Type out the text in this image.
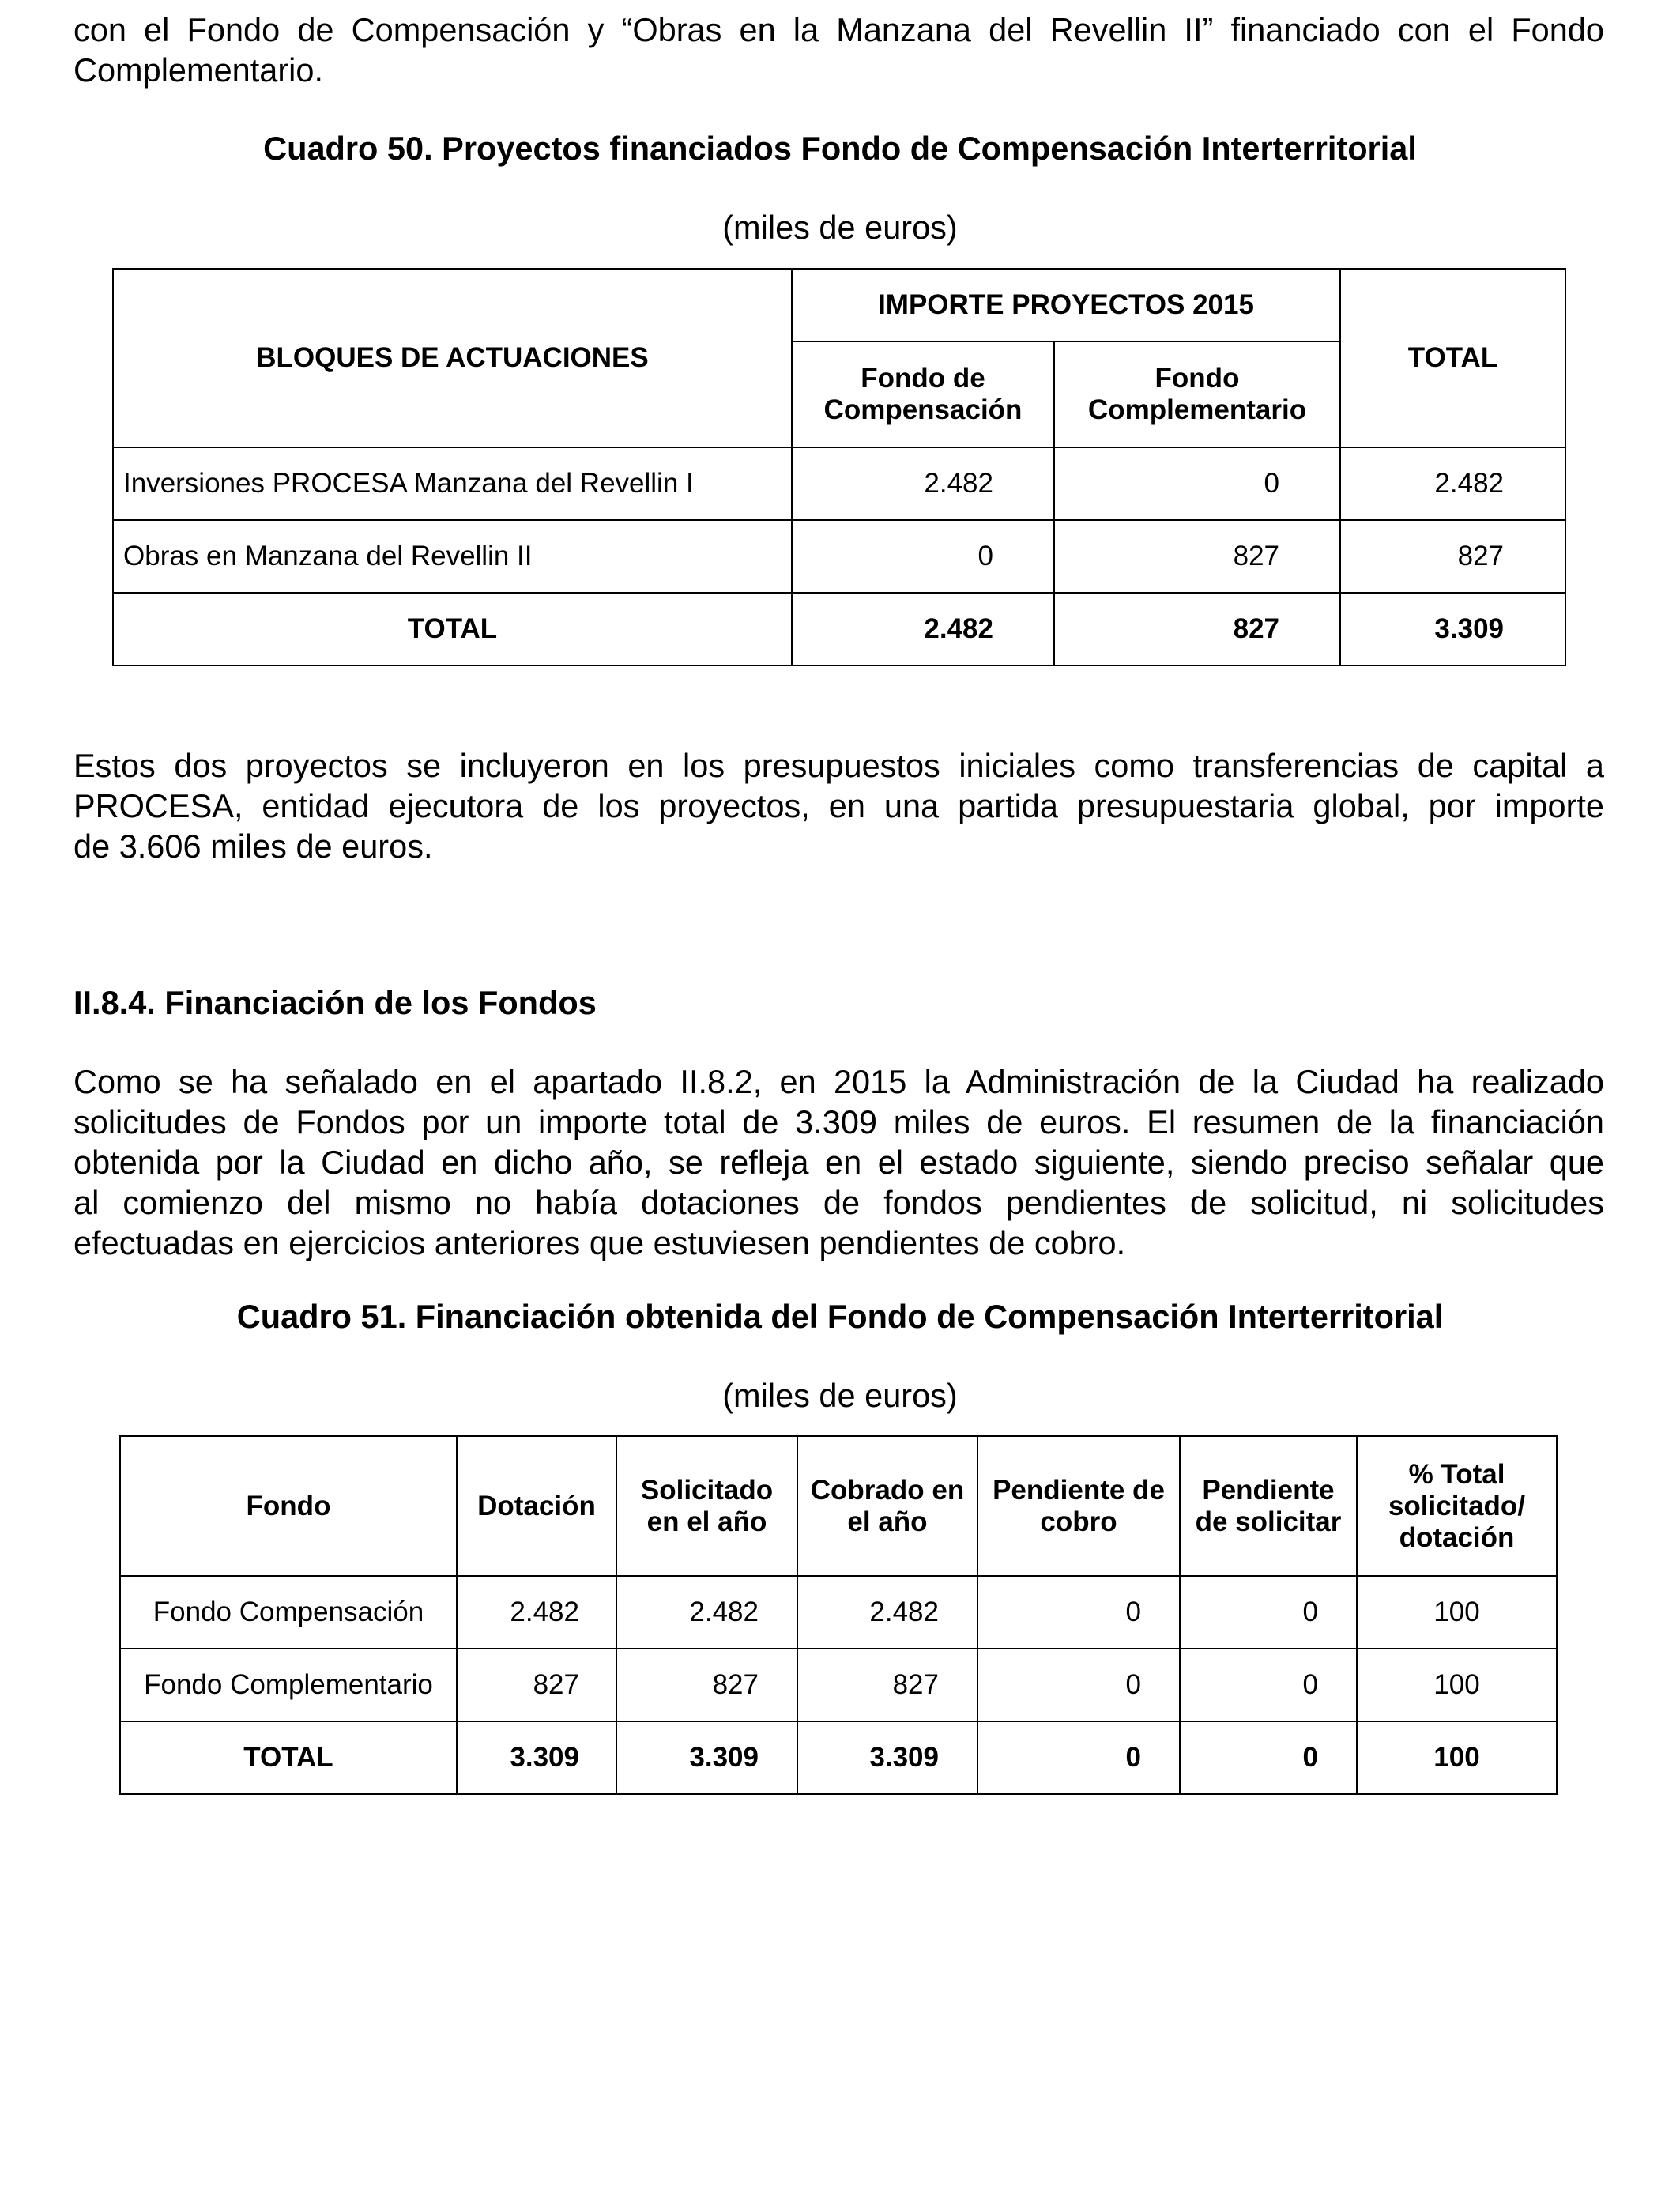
con el Fondo de Compensación y “Obras en la Manzana del Revellin II” financiado con el Fondo
Complementario.

Cuadro 50. Proyectos financiados Fondo de Compensación Interterritorial

(miles de euros)

BLOQUES DE ACTUACIONES	IMPORTE PROYECTOS 2015		TOTAL
	Fondo de Compensación	Fondo Complementario	
Inversiones PROCESA Manzana del Revellin I	2.482	0	2.482
Obras en Manzana del Revellin II	0	827	827
TOTAL	2.482	827	3.309
Estos dos proyectos se incluyeron en los presupuestos iniciales como transferencias de capital a
PROCESA, entidad ejecutora de los proyectos, en una partida presupuestaria global, por importe
de 3.606 miles de euros.

II.8.4. Financiación de los Fondos

Como se ha señalado en el apartado II.8.2, en 2015 la Administración de la Ciudad ha realizado
solicitudes de Fondos por un importe total de 3.309 miles de euros. El resumen de la financiación
obtenida por la Ciudad en dicho año, se refleja en el estado siguiente, siendo preciso señalar que
al comienzo del mismo no había dotaciones de fondos pendientes de solicitud, ni solicitudes
efectuadas en ejercicios anteriores que estuviesen pendientes de cobro.

Cuadro 51. Financiación obtenida del Fondo de Compensación Interterritorial

(miles de euros)

Fondo	Dotación	Solicitado en el año	Cobrado en el año	Pendiente de cobro	Pendiente de solicitar	% Total solicitado/ dotación
Fondo Compensación	2.482	2.482	2.482	0	0	100
Fondo Complementario	827	827	827	0	0	100
TOTAL	3.309	3.309	3.309	0	0	100
